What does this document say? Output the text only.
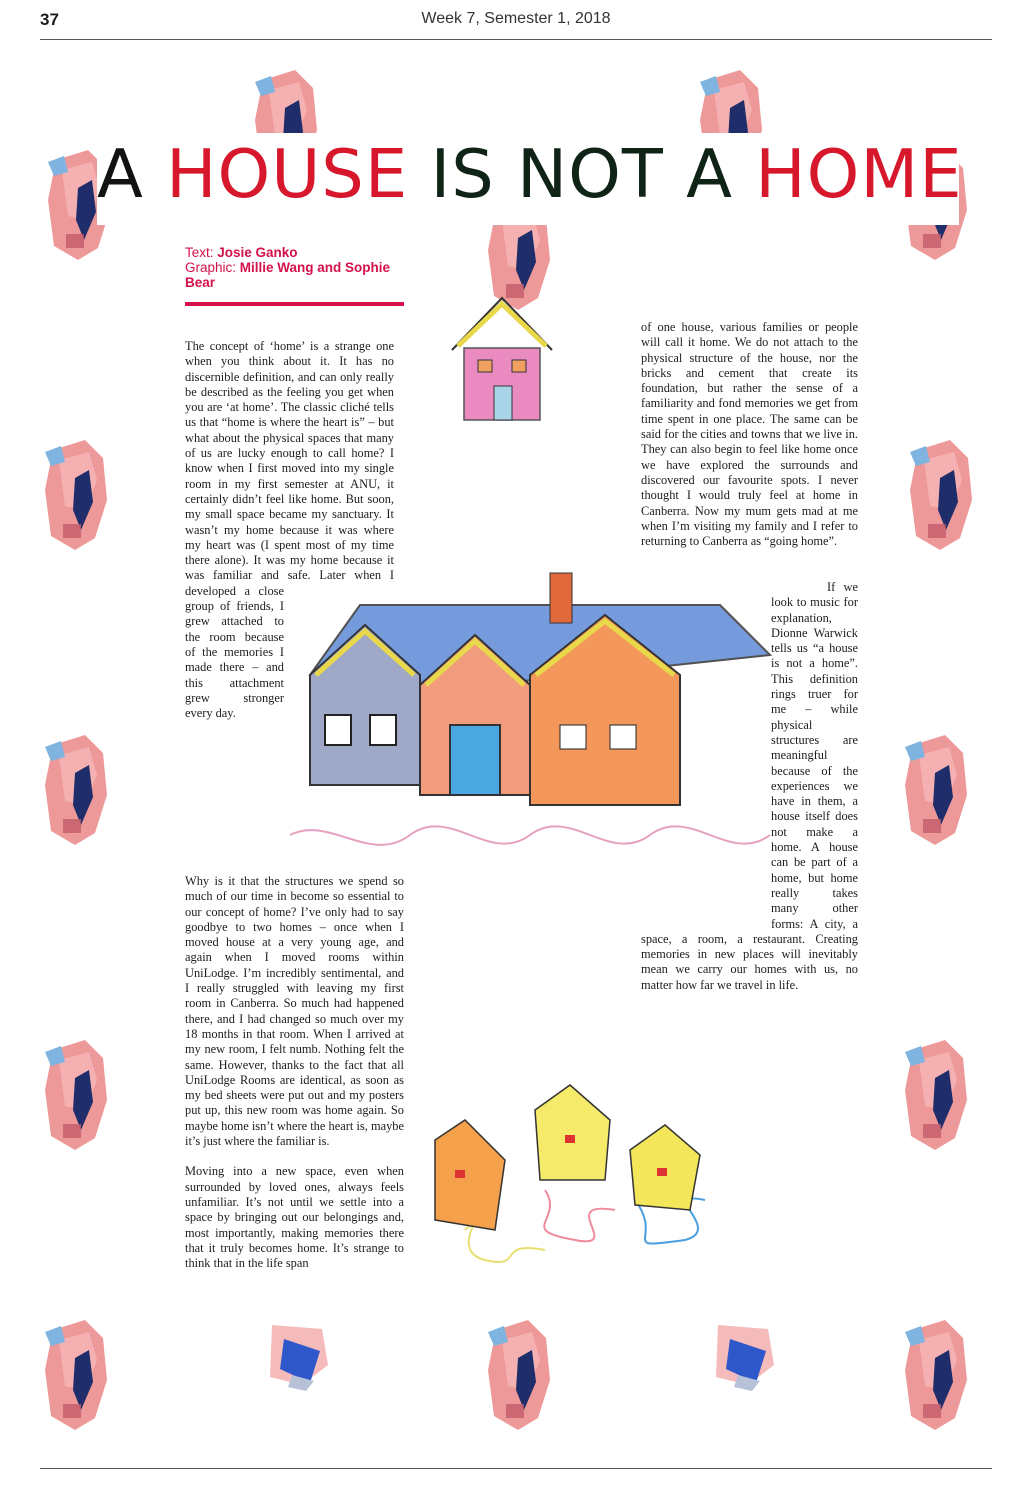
37	Week 7, Semester 1, 2018
A HOUSE IS NOT A HOME
Text: Josie Ganko
Graphic: Millie Wang and Sophie Bear

The concept of ‘home’ is a strange one when you think about it. It has no discernible definition, and can only really be described as the feeling you get when you are ‘at home’. The classic cliché tells us that “home is where the heart is” – but what about the physical spaces that many of us are lucky enough to call home? I know when I first moved into my single room in my first semester at ANU, it certainly didn’t feel like home. But soon, my small space became my sanctuary. It wasn’t my home because it was where my heart was (I spent most of my time there alone). It was my home because it was familiar and safe. Later when I developed a close group of friends, I grew attached to the room because of the memories I made there – and this attachment grew stronger every day.

Why is it that the structures we spend so much of our time in become so essential to our concept of home? I’ve only had to say goodbye to two homes – once when I moved house at a very young age, and again when I moved rooms within UniLodge. I’m incredibly sentimental, and I really struggled with leaving my first room in Canberra. So much had happened there, and I had changed so much over my 18 months in that room. When I arrived at my new room, I felt numb. Nothing felt the same. However, thanks to the fact that all UniLodge Rooms are identical, as soon as my bed sheets were put out and my posters put up, this new room was home again. So maybe home isn’t where the heart is, maybe it’s just where the familiar is.

Moving into a new space, even when surrounded by loved ones, always feels unfamiliar. It’s not until we settle into a space by bringing out our belongings and, most importantly, making memories there that it truly becomes home. It’s strange to think that in the life span

of one house, various families or people will call it home. We do not attach to the physical structure of the house, nor the bricks and cement that create its foundation, but rather the sense of a familiarity and fond memories we get from time spent in one place. The same can be said for the cities and towns that we live in. They can also begin to feel like home once we have explored the surrounds and discovered our favourite spots. I never thought I would truly feel at home in Canberra. Now my mum gets mad at me when I’m visiting my family and I refer to returning to Canberra as “going home”.

If we look to music for explanation, Dionne Warwick tells us “a house is not a home”. This definition rings truer for me – while physical structures are meaningful because of the experiences we have in them, a house itself does not make a home. A house can be part of a home, but home really takes many other forms: A city, a space, a room, a restaurant. Creating memories in new places will inevitably mean we carry our homes with us, no matter how far we travel in life.
